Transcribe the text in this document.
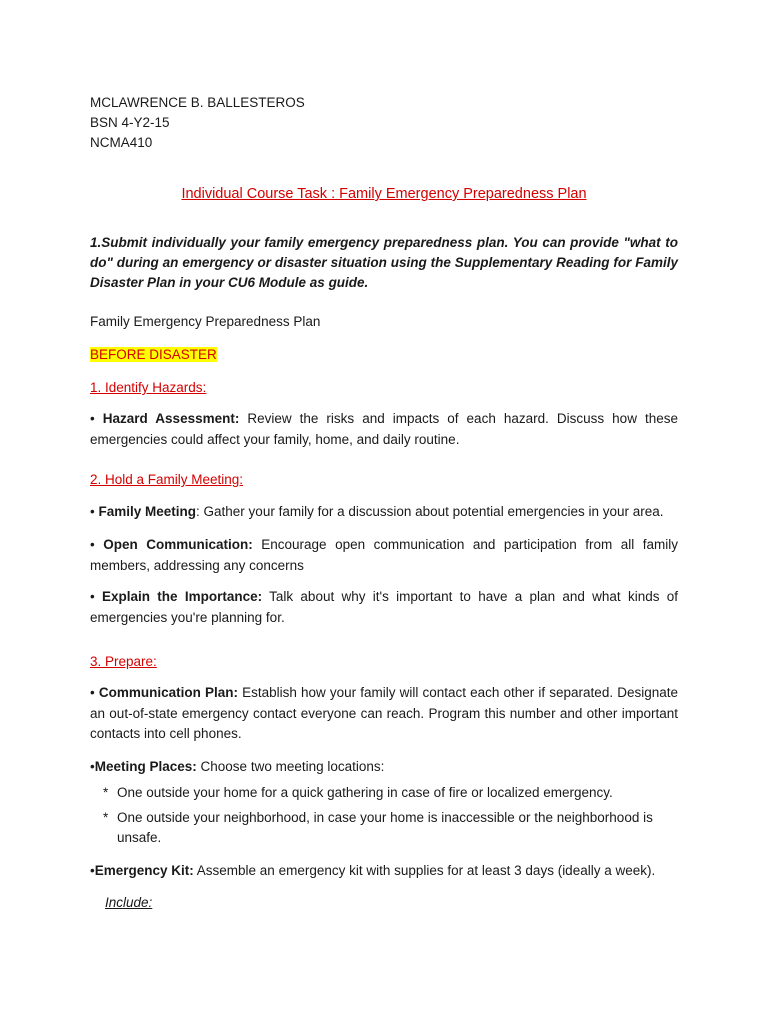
MCLAWRENCE B. BALLESTEROS
BSN 4-Y2-15
NCMA410
Individual Course Task : Family Emergency Preparedness Plan
1.Submit individually your family emergency preparedness plan. You can provide "what to do" during an emergency or disaster situation using the Supplementary Reading for Family Disaster Plan in your CU6 Module as guide.
Family Emergency Preparedness Plan
BEFORE DISASTER
1. Identify Hazards:
• Hazard Assessment: Review the risks and impacts of each hazard. Discuss how these emergencies could affect your family, home, and daily routine.
2. Hold a Family Meeting:
• Family Meeting: Gather your family for a discussion about potential emergencies in your area.
• Open Communication: Encourage open communication and participation from all family members, addressing any concerns
• Explain the Importance: Talk about why it's important to have a plan and what kinds of emergencies you're planning for.
3. Prepare:
• Communication Plan: Establish how your family will contact each other if separated. Designate an out-of-state emergency contact everyone can reach. Program this number and other important contacts into cell phones.
•Meeting Places: Choose two meeting locations:
* One outside your home for a quick gathering in case of fire or localized emergency.
* One outside your neighborhood, in case your home is inaccessible or the neighborhood is
unsafe.
•Emergency Kit: Assemble an emergency kit with supplies for at least 3 days (ideally a week).
Include:
